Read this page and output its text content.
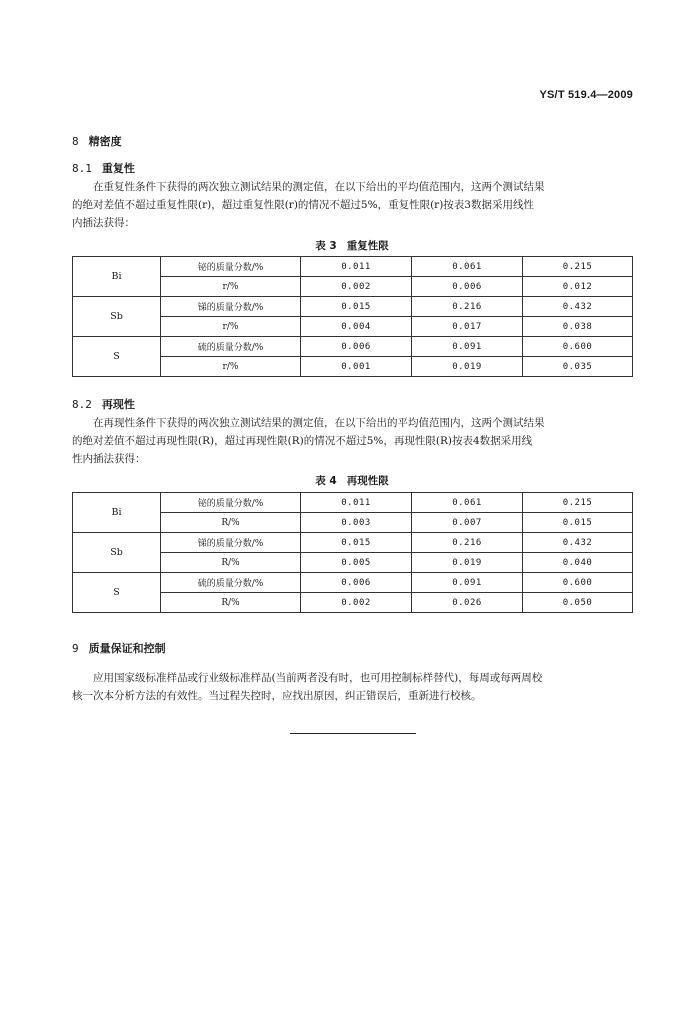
YS/T 519.4—2009
8 精密度
8.1 重复性
在重复性条件下获得的两次独立测试结果的测定值，在以下给出的平均值范围内，这两个测试结果
的绝对差值不超过重复性限(r)，超过重复性限(r)的情况不超过5%，重复性限(r)按表3数据采用线性
内插法获得：
表 3 重复性限
Bi	铋的质量分数/%	0.011	0.061	0.215
	r/%	0.002	0.006	0.012
Sb	锑的质量分数/%	0.015	0.216	0.432
	r/%	0.004	0.017	0.038
S	硫的质量分数/%	0.006	0.091	0.600
	r/%	0.001	0.019	0.035
8.2 再现性
在再现性条件下获得的两次独立测试结果的测定值，在以下给出的平均值范围内，这两个测试结果
的绝对差值不超过再现性限(R)，超过再现性限(R)的情况不超过5%，再现性限(R)按表4数据采用线
性内插法获得：
表 4 再现性限
Bi	铋的质量分数/%	0.011	0.061	0.215
	R/%	0.003	0.007	0.015
Sb	锑的质量分数/%	0.015	0.216	0.432
	R/%	0.005	0.019	0.040
S	硫的质量分数/%	0.006	0.091	0.600
	R/%	0.002	0.026	0.050
9 质量保证和控制
应用国家级标准样品或行业级标准样品(当前两者没有时，也可用控制标样替代)，每周或每两周校
核一次本分析方法的有效性。当过程失控时，应找出原因，纠正错误后，重新进行校核。
